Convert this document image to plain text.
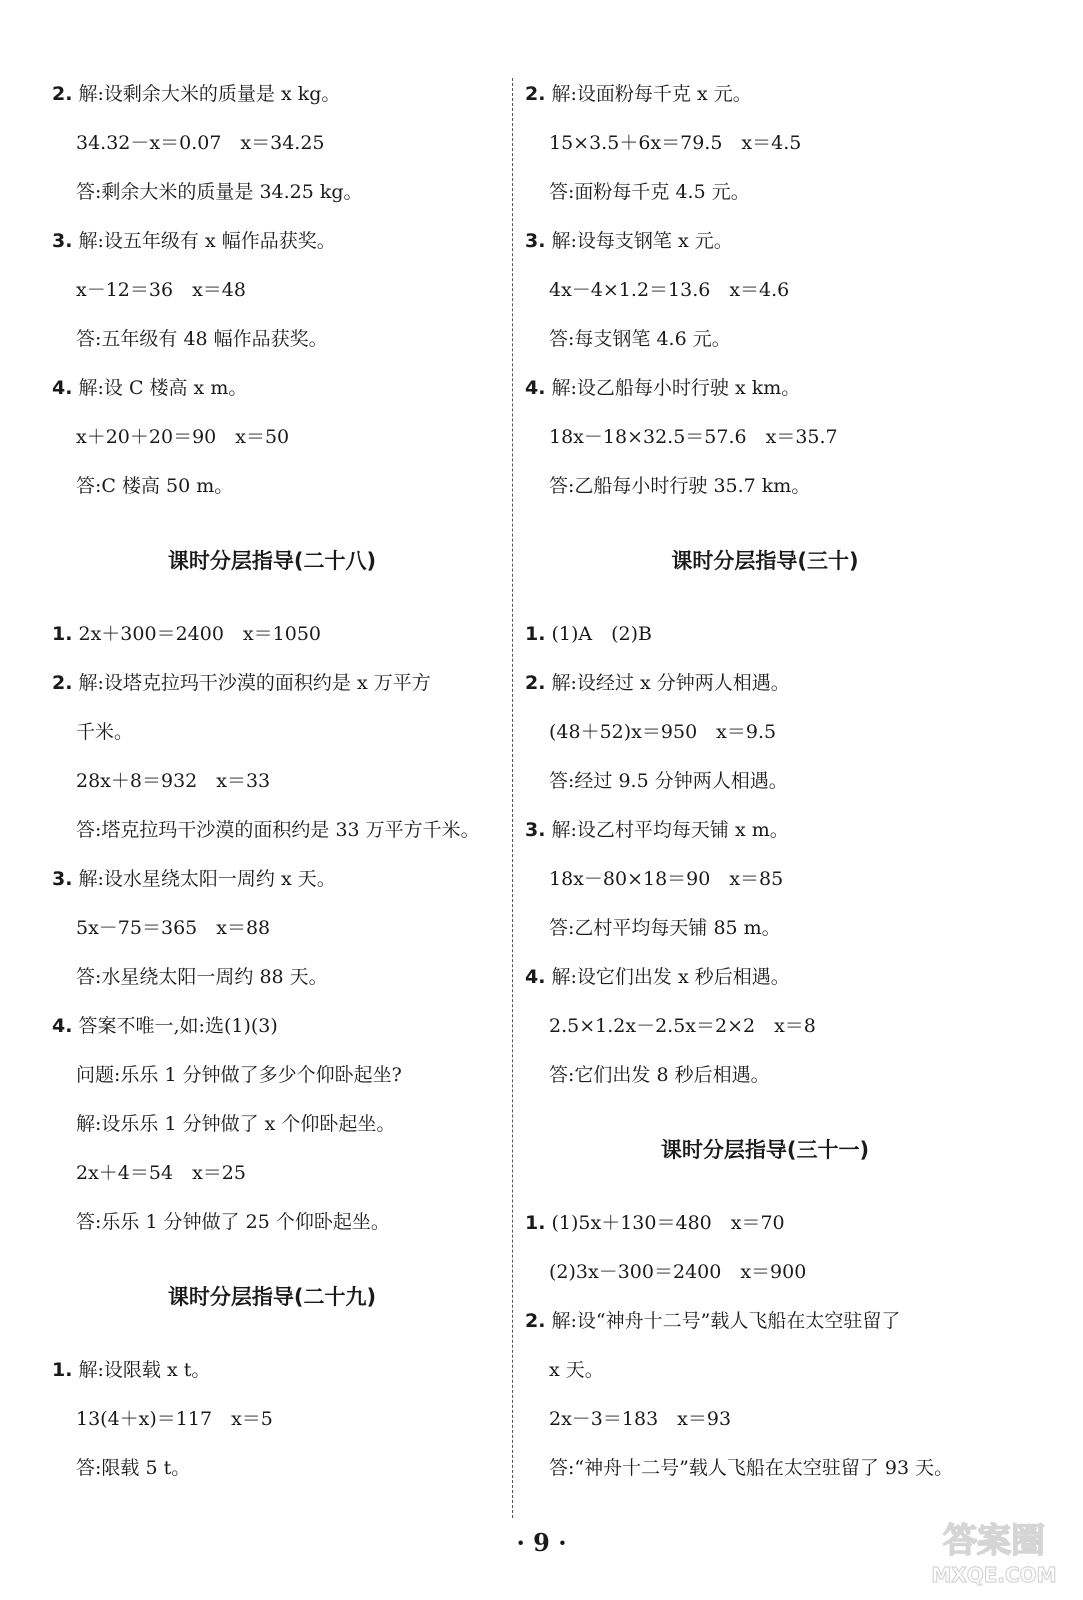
2. 解:设剩余大米的质量是 x kg。
34.32－x＝0.07　x＝34.25
答:剩余大米的质量是 34.25 kg。
3. 解:设五年级有 x 幅作品获奖。
x－12＝36　x＝48
答:五年级有 48 幅作品获奖。
4. 解:设 C 楼高 x m。
x＋20＋20＝90　x＝50
答:C 楼高 50 m。
课时分层指导(二十八)
1. 2x＋300＝2400　x＝1050
2. 解:设塔克拉玛干沙漠的面积约是 x 万平方
千米。
28x＋8＝932　x＝33
答:塔克拉玛干沙漠的面积约是 33 万平方千米。
3. 解:设水星绕太阳一周约 x 天。
5x－75＝365　x＝88
答:水星绕太阳一周约 88 天。
4. 答案不唯一,如:选(1)(3)
问题:乐乐 1 分钟做了多少个仰卧起坐?
解:设乐乐 1 分钟做了 x 个仰卧起坐。
2x＋4＝54　x＝25
答:乐乐 1 分钟做了 25 个仰卧起坐。
课时分层指导(二十九)
1. 解:设限载 x t。
13(4＋x)＝117　x＝5
答:限载 5 t。
2. 解:设面粉每千克 x 元。
15×3.5＋6x＝79.5　x＝4.5
答:面粉每千克 4.5 元。
3. 解:设每支钢笔 x 元。
4x－4×1.2＝13.6　x＝4.6
答:每支钢笔 4.6 元。
4. 解:设乙船每小时行驶 x km。
18x－18×32.5＝57.6　x＝35.7
答:乙船每小时行驶 35.7 km。
课时分层指导(三十)
1. (1)A　(2)B
2. 解:设经过 x 分钟两人相遇。
(48＋52)x＝950　x＝9.5
答:经过 9.5 分钟两人相遇。
3. 解:设乙村平均每天铺 x m。
18x－80×18＝90　x＝85
答:乙村平均每天铺 85 m。
4. 解:设它们出发 x 秒后相遇。
2.5×1.2x－2.5x＝2×2　x＝8
答:它们出发 8 秒后相遇。
课时分层指导(三十一)
1. (1)5x＋130＝480　x＝70
(2)3x－300＝2400　x＝900
2. 解:设“神舟十二号”载人飞船在太空驻留了
x 天。
2x－3＝183　x＝93
答:“神舟十二号”载人飞船在太空驻留了 93 天。
· 9 ·	答案圈
MXQE.COM
